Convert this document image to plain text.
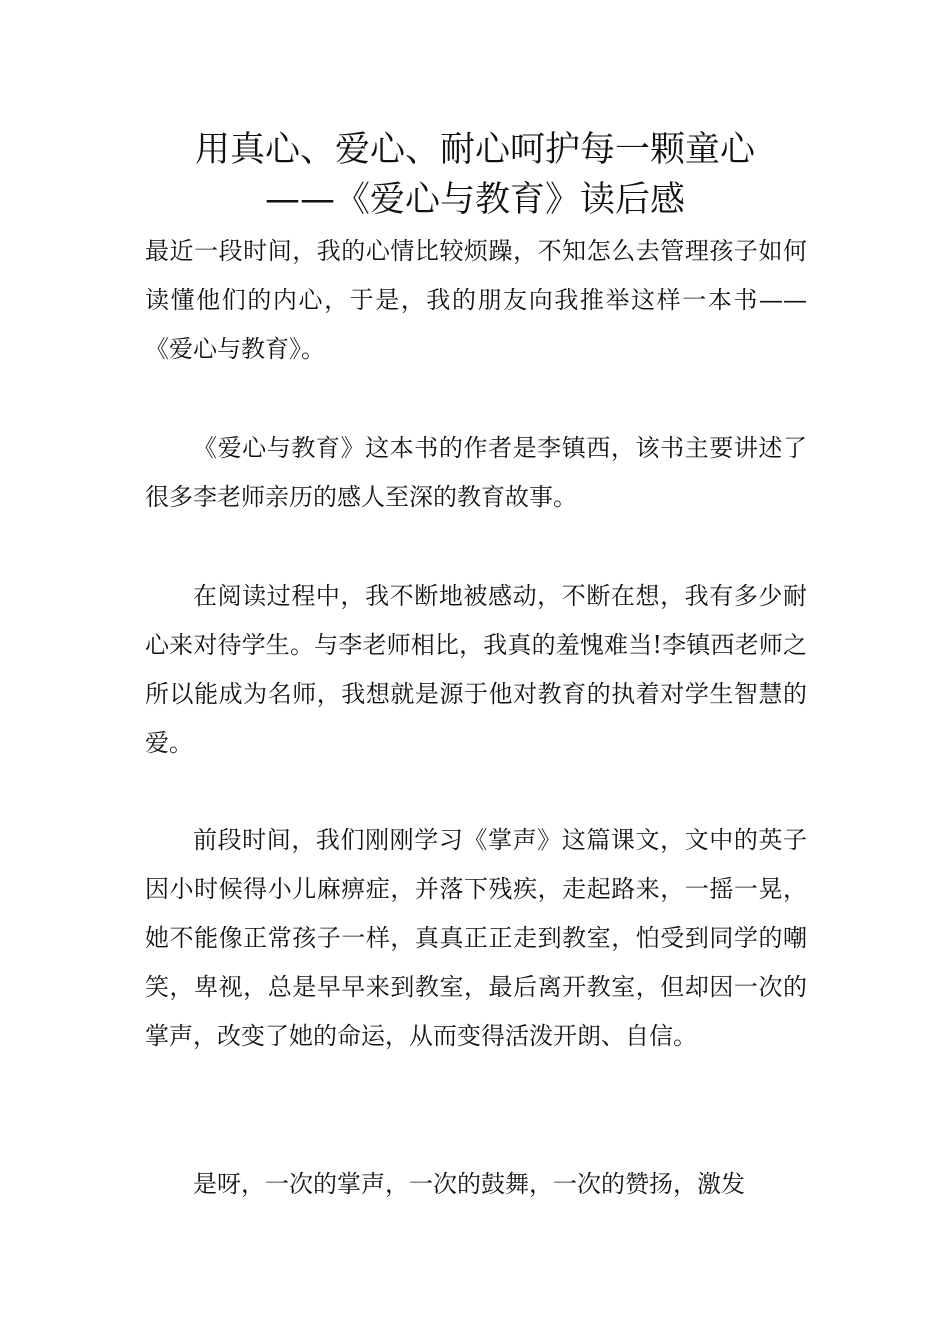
用真心、爱心、耐心呵护每一颗童心
——《爱心与教育》读后感

最近一段时间，我的心情比较烦躁，不知怎么去管理孩子如何读懂他们的内心，于是，我的朋友向我推举这样一本书——《爱心与教育》。

《爱心与教育》这本书的作者是李镇西，该书主要讲述了很多李老师亲历的感人至深的教育故事。

在阅读过程中，我不断地被感动，不断在想，我有多少耐心来对待学生。与李老师相比，我真的羞愧难当!李镇西老师之所以能成为名师，我想就是源于他对教育的执着对学生智慧的爱。

前段时间，我们刚刚学习《掌声》这篇课文，文中的英子因小时候得小儿麻痹症，并落下残疾，走起路来，一摇一晃，她不能像正常孩子一样，真真正正走到教室，怕受到同学的嘲笑，卑视，总是早早来到教室，最后离开教室，但却因一次的掌声，改变了她的命运，从而变得活泼开朗、自信。

是呀，一次的掌声，一次的鼓舞，一次的赞扬，激发
